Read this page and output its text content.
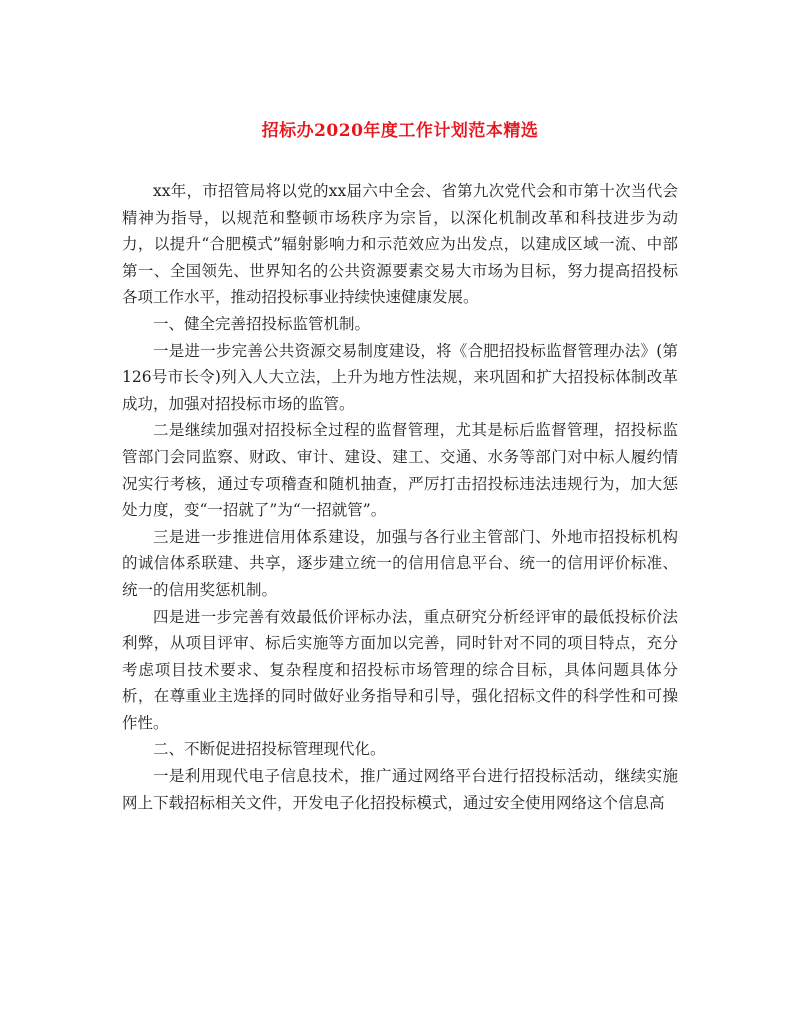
招标办2020年度工作计划范本精选

xx年，市招管局将以党的xx届六中全会、省第九次党代会和市第十次当代会精神为指导，以规范和整顿市场秩序为宗旨，以深化机制改革和科技进步为动力，以提升“合肥模式”辐射影响力和示范效应为出发点，以建成区域一流、中部第一、全国领先、世界知名的公共资源要素交易大市场为目标，努力提高招投标各项工作水平，推动招投标事业持续快速健康发展。

一、健全完善招投标监管机制。

一是进一步完善公共资源交易制度建设，将《合肥招投标监督管理办法》(第126号市长令)列入人大立法，上升为地方性法规，来巩固和扩大招投标体制改革成功，加强对招投标市场的监管。

二是继续加强对招投标全过程的监督管理，尤其是标后监督管理，招投标监管部门会同监察、财政、审计、建设、建工、交通、水务等部门对中标人履约情况实行考核，通过专项稽查和随机抽查，严厉打击招投标违法违规行为，加大惩处力度，变“一招就了”为“一招就管”。

三是进一步推进信用体系建设，加强与各行业主管部门、外地市招投标机构的诚信体系联建、共享，逐步建立统一的信用信息平台、统一的信用评价标准、统一的信用奖惩机制。

四是进一步完善有效最低价评标办法，重点研究分析经评审的最低投标价法利弊，从项目评审、标后实施等方面加以完善，同时针对不同的项目特点，充分考虑项目技术要求、复杂程度和招投标市场管理的综合目标，具体问题具体分析，在尊重业主选择的同时做好业务指导和引导，强化招标文件的科学性和可操作性。

二、不断促进招投标管理现代化。

一是利用现代电子信息技术，推广通过网络平台进行招投标活动，继续实施网上下载招标相关文件，开发电子化招投标模式，通过安全使用网络这个信息高
